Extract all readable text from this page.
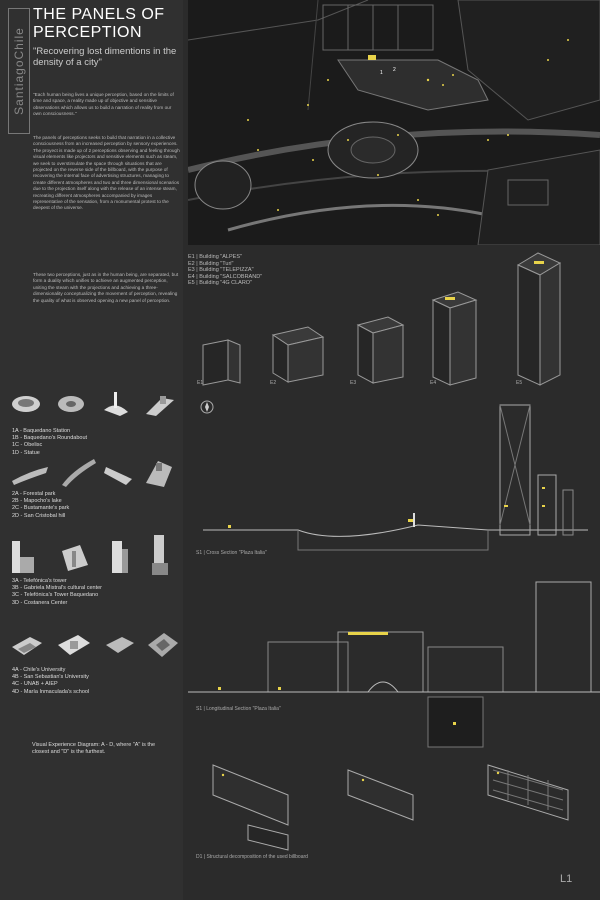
SantiagoChile
THE PANELS OF PERCEPTION
"Recovering lost dimentions in the density of a city"
"Each human being lives a unique perception, based on the limits of time and space, a reality made up of objective and sensitive observations which allows us to build a narration of reality from our own consciousness."
The panels of perceptions seeks to build that narration in a collective consciousness from an increased perception by sensory experiences. The proyect is made up of 2 perceptions observing and feeling through visual elements like projectors and sensitive elements such as steam, we seek to overstimulate the space through situations that are projected on the reverse side of the billboard, with the purpose of recovering the internal face of advertising structures, managing to create different atmospheres and two and three dimensional scenarios due to the projection itself along with the release of an intense steam, recreating different atmospheres accompanied by images representative of the sensation, from a monumental protest to the deepest of the universe.
These two perceptions, just as in the human being, are separated, but form a duality which unifies to achieve an augmented perception, uniting the steam with the projections and achieving a three-dimensionality conceptualizing the movement of perception, revealing the quality of what is observed opening a new panel of perception.
1A - Baquedano Station
1B - Baquedano's Roundabout
1C - Obelisc
1D - Statue
2A - Forestal park
2B - Mapocho's lake
2C - Bustamante's park
2D - San Cristobal hill
3A - Telefónica's tower
3B - Gabriela Mistral's cultural center
3C - Telefónica's Tower Baquedano
3D - Costanera Center
4A - Chile's University
4B - San Sebastian's University
4C - UNAB + AIEP
4D - María Inmaculada's school
Visual Experience Diagram: A - D, where "A" is the closest and "D" is the furthest.
1 2
E1 | Building "ALPES"
E2 | Building "Turi"
E3 | Building "TELEPIZZA"
E4 | Building "SALCOBRAND"
E5 | Building "4G CLARO"
E1	E2	E3	E4	E5
S1 | Cross Section "Plaza Italia"
S1 | Longitudinal Section "Plaza Italia"
D1 | Structural decomposition of the used billboard
L1
